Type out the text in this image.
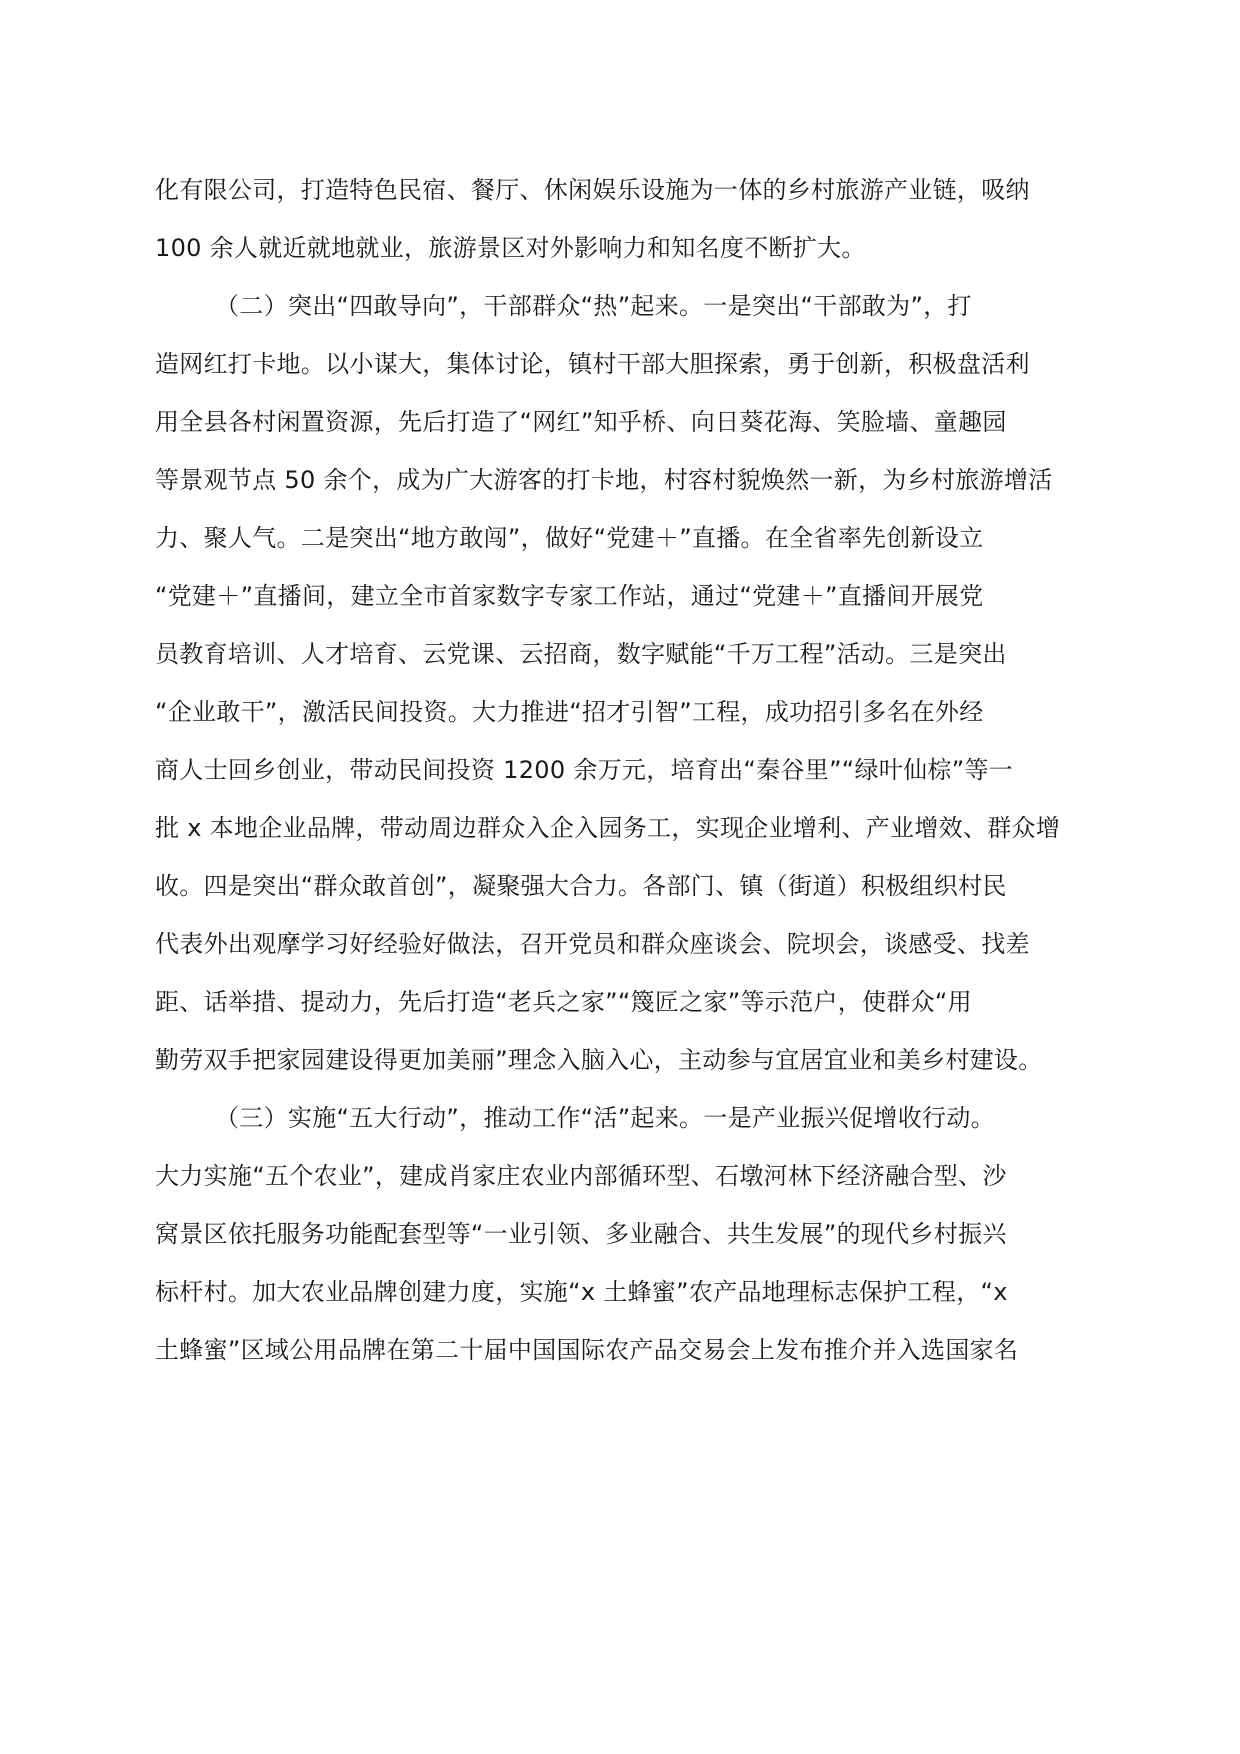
化有限公司，打造特色民宿、餐厅、休闲娱乐设施为一体的乡村旅游产业链，吸纳
100 余人就近就地就业，旅游景区对外影响力和知名度不断扩大。
（二）突出“四敢导向”，干部群众“热”起来。一是突出“干部敢为”，打
造网红打卡地。以小谋大，集体讨论，镇村干部大胆探索，勇于创新，积极盘活利
用全县各村闲置资源，先后打造了“网红”知乎桥、向日葵花海、笑脸墙、童趣园
等景观节点 50 余个，成为广大游客的打卡地，村容村貌焕然一新，为乡村旅游增活
力、聚人气。二是突出“地方敢闯”，做好“党建＋”直播。在全省率先创新设立
“党建＋”直播间，建立全市首家数字专家工作站，通过“党建＋”直播间开展党
员教育培训、人才培育、云党课、云招商，数字赋能“千万工程”活动。三是突出
“企业敢干”，激活民间投资。大力推进“招才引智”工程，成功招引多名在外经
商人士回乡创业，带动民间投资 1200 余万元，培育出“秦谷里”“绿叶仙棕”等一
批 x 本地企业品牌，带动周边群众入企入园务工，实现企业增利、产业增效、群众增
收。四是突出“群众敢首创”，凝聚强大合力。各部门、镇（街道）积极组织村民
代表外出观摩学习好经验好做法，召开党员和群众座谈会、院坝会，谈感受、找差
距、话举措、提动力，先后打造“老兵之家”“篾匠之家”等示范户，使群众“用
勤劳双手把家园建设得更加美丽”理念入脑入心，主动参与宜居宜业和美乡村建设。
（三）实施“五大行动”，推动工作“活”起来。一是产业振兴促增收行动。
大力实施“五个农业”，建成肖家庄农业内部循环型、石墩河林下经济融合型、沙
窝景区依托服务功能配套型等“一业引领、多业融合、共生发展”的现代乡村振兴
标杆村。加大农业品牌创建力度，实施“x 土蜂蜜”农产品地理标志保护工程，“x
土蜂蜜”区域公用品牌在第二十届中国国际农产品交易会上发布推介并入选国家名
